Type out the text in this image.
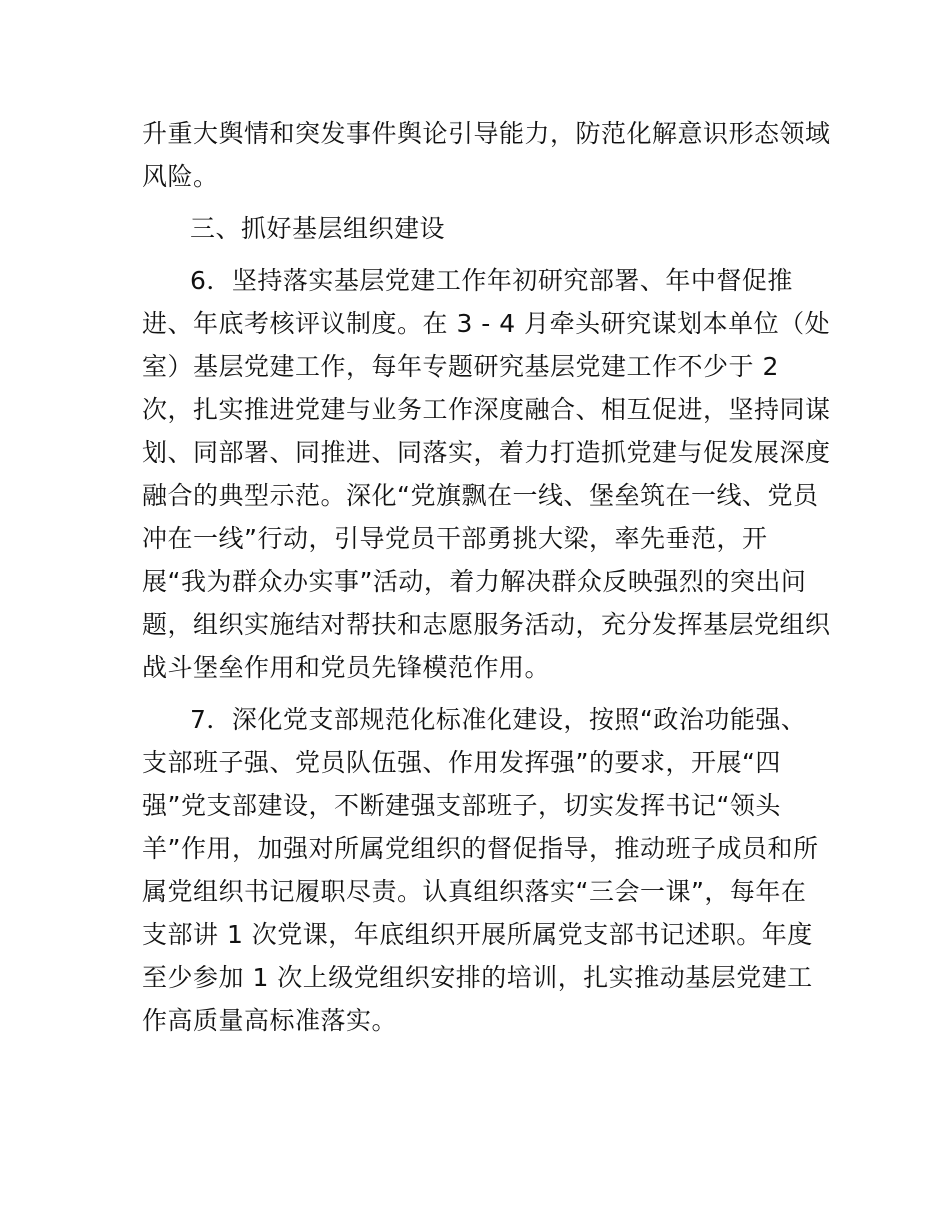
升重大舆情和突发事件舆论引导能力，防范化解意识形态领域
风险。
三、抓好基层组织建设
6．坚持落实基层党建工作年初研究部署、年中督促推
进、年底考核评议制度。在 3 - 4 月牵头研究谋划本单位（处
室）基层党建工作，每年专题研究基层党建工作不少于 2
次，扎实推进党建与业务工作深度融合、相互促进，坚持同谋
划、同部署、同推进、同落实，着力打造抓党建与促发展深度
融合的典型示范。深化“党旗飘在一线、堡垒筑在一线、党员
冲在一线”行动，引导党员干部勇挑大梁，率先垂范，开
展“我为群众办实事”活动，着力解决群众反映强烈的突出问
题，组织实施结对帮扶和志愿服务活动，充分发挥基层党组织
战斗堡垒作用和党员先锋模范作用。
7．深化党支部规范化标准化建设，按照“政治功能强、
支部班子强、党员队伍强、作用发挥强”的要求，开展“四
强”党支部建设，不断建强支部班子，切实发挥书记“领头
羊”作用，加强对所属党组织的督促指导，推动班子成员和所
属党组织书记履职尽责。认真组织落实“三会一课”，每年在
支部讲 1 次党课，年底组织开展所属党支部书记述职。年度
至少参加 1 次上级党组织安排的培训，扎实推动基层党建工
作高质量高标准落实。
